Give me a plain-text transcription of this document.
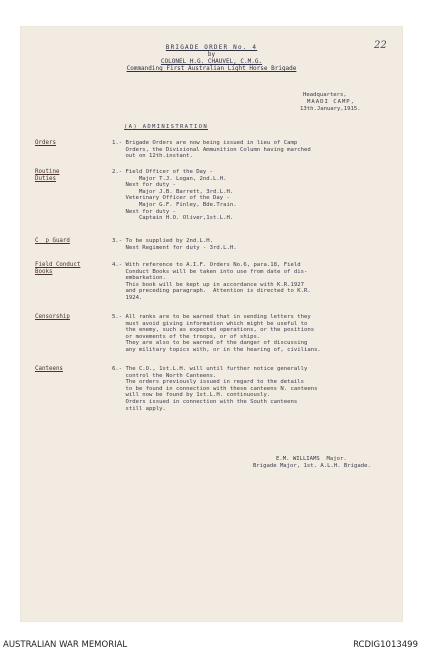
BRIGADE ORDER No. 4
by
COLONEL H.G. CHAUVEL, C.M.G.
Commanding First Australian Light Horse Brigade
22
Headquarters,
MAADI CAMP,
13th.January,1915.
(A) ADMINISTRATION
Orders	1.- Brigade Orders are now being issued in lieu of Camp
Orders, the Divisional Ammunition Column having marched
out on 12th.instant.
Routine
Duties
2.- Field Officer of the Day -
Major T.J. Logan, 2nd.L.H.
Next for duty -
Major J.B. Barrett, 3rd.L.H.
Veterinary Officer of the Day -
Major G.F. Finley, Bde.Train.
Next for duty -
Captain H.O. Oliver,1st.L.H.
C  p Guard	3.- To be supplied by 2nd.L.H.
Next Regiment for duty - 3rd.L.H.
Field Conduct
Books
4.- With reference to A.I.F. Orders No.6, para.18, Field
Conduct Books will be taken into use from date of dis-
embarkation.
This book will be kept up in accordance with K.R.1927
and preceding paragraph.  Attention is directed to K.R.
1924.
Censorship	5.- All ranks are to be warned that in sending letters they
must avoid giving information which might be useful to
the enemy, such as expected operations, or the positions
or movements of the troops, or of ships.
They are also to be warned of the danger of discussing
any military topics with, or in the hearing of, civilians.
Canteens	6.- The C.O., 1st.L.H. will until further notice generally
control the North Canteens.
The orders previously issued in regard to the details
to be found in connection with these canteens N. canteens
will now be found by 1st.L.H. continuously.
Orders issued in connection with the South canteens
still apply.
E.M. WILLIAMS  Major.
Brigade Major, 1st. A.L.H. Brigade.
AUSTRALIAN WAR MEMORIAL	RCDIG1013499
